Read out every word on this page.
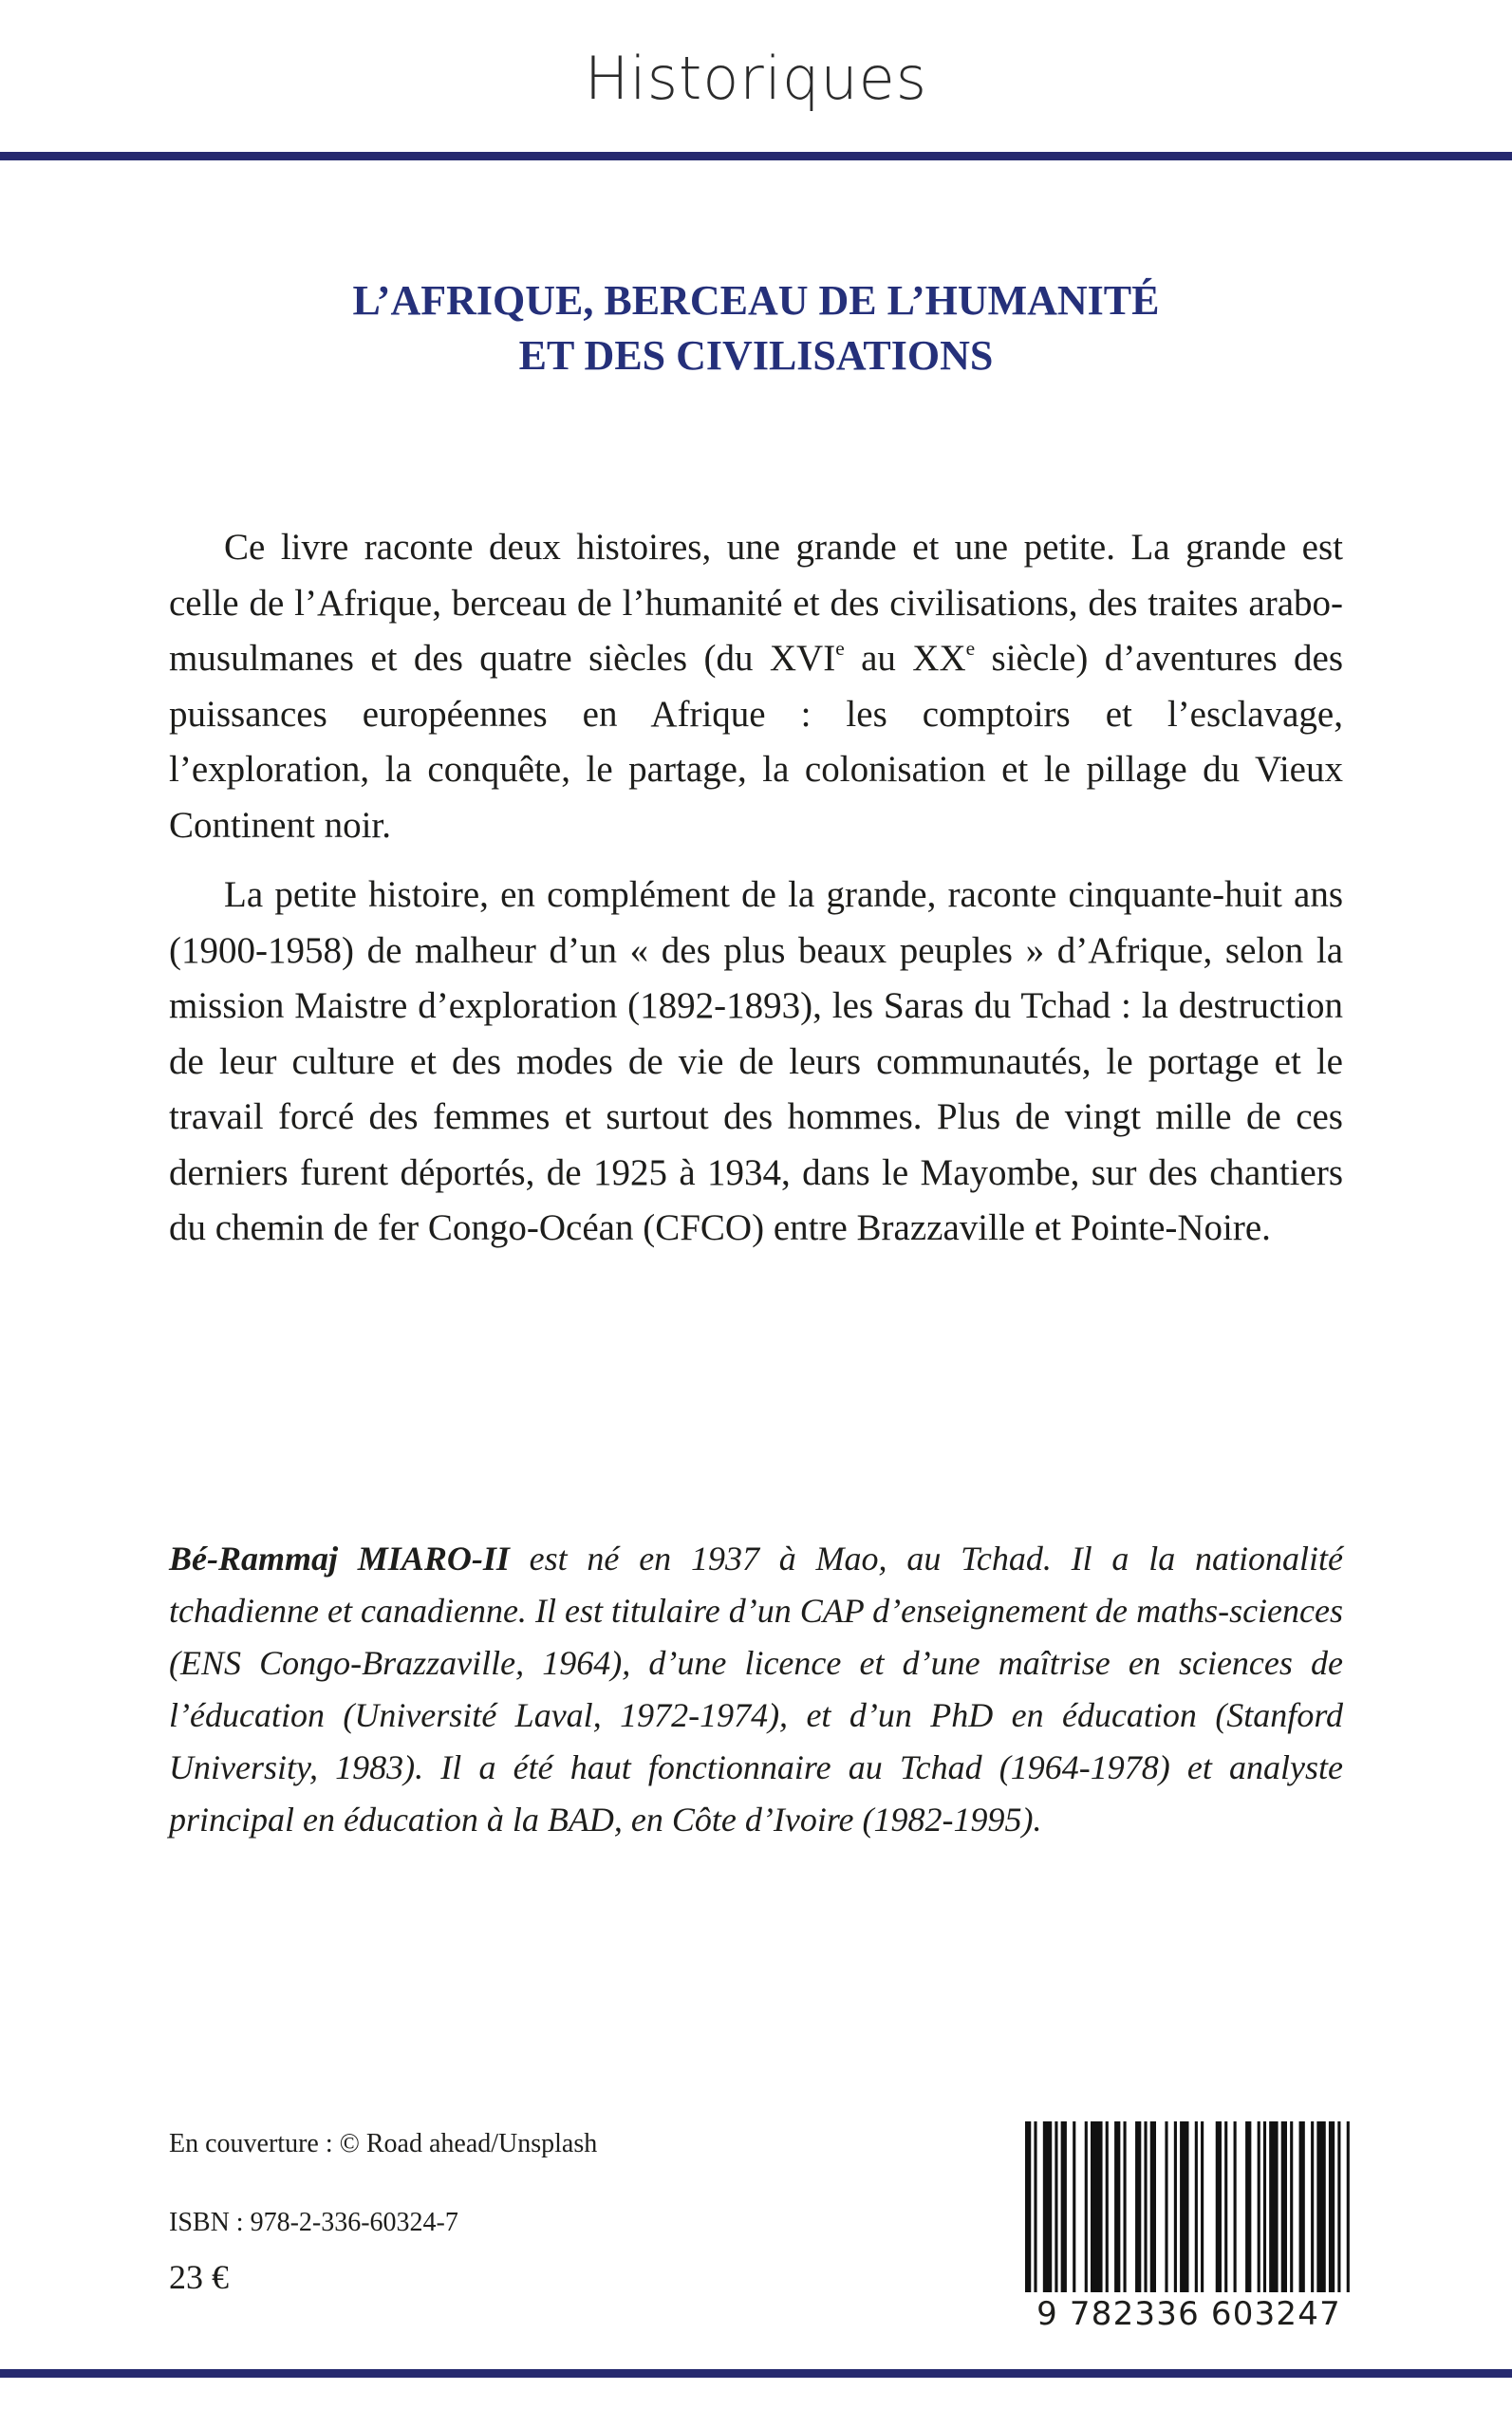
Historiques
L’AFRIQUE, BERCEAU DE L’HUMANITÉ
ET DES CIVILISATIONS

Ce livre raconte deux histoires, une grande et une petite. La grande est celle de l’Afrique, berceau de l’humanité et des civilisations, des traites arabo-musulmanes et des quatre siècles (du XVIe au XXe siècle) d’aventures des puissances européennes en Afrique : les comptoirs et l’esclavage, l’exploration, la conquête, le partage, la colonisation et le pillage du Vieux Continent noir.

La petite histoire, en complément de la grande, raconte cinquante-huit ans (1900-1958) de malheur d’un « des plus beaux peuples » d’Afrique, selon la mission Maistre d’exploration (1892-1893), les Saras du Tchad : la destruction de leur culture et des modes de vie de leurs communautés, le portage et le travail forcé des femmes et surtout des hommes. Plus de vingt mille de ces derniers furent déportés, de 1925 à 1934, dans le Mayombe, sur des chantiers du chemin de fer Congo-Océan (CFCO) entre Brazzaville et Pointe-Noire.

Bé-Rammaj MIARO-II est né en 1937 à Mao, au Tchad. Il a la nationalité tchadienne et canadienne. Il est titulaire d’un CAP d’enseignement de maths-sciences (ENS Congo-Brazzaville, 1964), d’une licence et d’une maîtrise en sciences de l’éducation (Université Laval, 1972-1974), et d’un PhD en éducation (Stanford University, 1983). Il a été haut fonctionnaire au Tchad (1964-1978) et analyste principal en éducation à la BAD, en Côte d’Ivoire (1982-1995).

En couverture : © Road ahead/Unsplash
ISBN : 978-2-336-60324-7
23 €
9 782336 603247
